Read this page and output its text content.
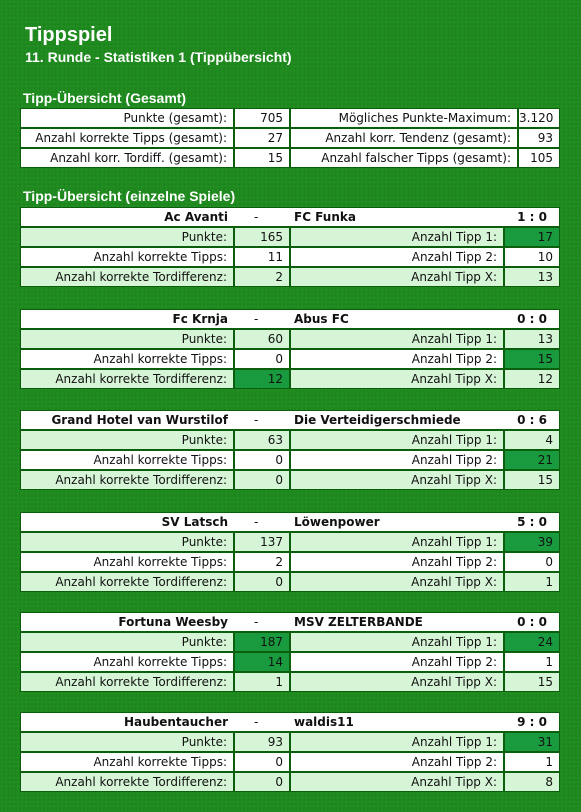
Tippspiel
11. Runde - Statistiken 1 (Tippübersicht)
Tipp-Übersicht (Gesamt)
Punkte (gesamt):	705	Mögliches Punkte-Maximum: 3.120
Anzahl korrekte Tipps (gesamt):	27	Anzahl korr. Tendenz (gesamt):	93
Anzahl korr. Tordiff. (gesamt):	15	Anzahl falscher Tipps (gesamt):	105
Tipp-Übersicht (einzelne Spiele)
Ac Avanti	-	FC Funka	1 : 0
Punkte:	165	Anzahl Tipp 1:	17
Anzahl korrekte Tipps:	11	Anzahl Tipp 2:	10
Anzahl korrekte Tordifferenz:	2	Anzahl Tipp X:	13
Fc Krnja	-	Abus FC	0 : 0
Punkte:	60	Anzahl Tipp 1:	13
Anzahl korrekte Tipps:	0	Anzahl Tipp 2:	15
Anzahl korrekte Tordifferenz:	12	Anzahl Tipp X:	12
Grand Hotel van Wurstilof	-	Die Verteidigerschmiede	0 : 6
Punkte:	63	Anzahl Tipp 1:	4
Anzahl korrekte Tipps:	0	Anzahl Tipp 2:	21
Anzahl korrekte Tordifferenz:	0	Anzahl Tipp X:	15
SV Latsch	-	Löwenpower	5 : 0
Punkte:	137	Anzahl Tipp 1:	39
Anzahl korrekte Tipps:	2	Anzahl Tipp 2:	0
Anzahl korrekte Tordifferenz:	0	Anzahl Tipp X:	1
Fortuna Weesby	-	MSV ZELTERBANDE	0 : 0
Punkte:	187	Anzahl Tipp 1:	24
Anzahl korrekte Tipps:	14	Anzahl Tipp 2:	1
Anzahl korrekte Tordifferenz:	1	Anzahl Tipp X:	15
Haubentaucher	-	waldis11	9 : 0
Punkte:	93	Anzahl Tipp 1:	31
Anzahl korrekte Tipps:	0	Anzahl Tipp 2:	1
Anzahl korrekte Tordifferenz:	0	Anzahl Tipp X:	8
